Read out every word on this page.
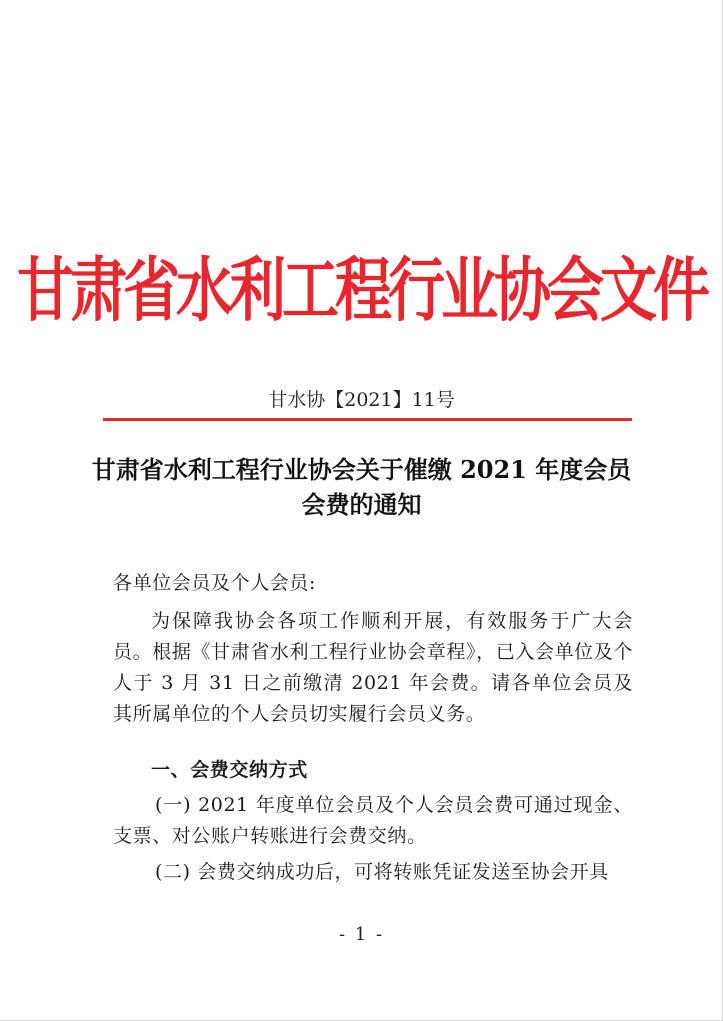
甘肃省水利工程行业协会文件
甘水协【2021】11号
甘肃省水利工程行业协会关于催缴 2021 年度会员会费的通知
各单位会员及个人会员:
为保障我协会各项工作顺利开展，有效服务于广大会员。根据《甘肃省水利工程行业协会章程》，已入会单位及个人于 3 月 31 日之前缴清 2021 年会费。请各单位会员及其所属单位的个人会员切实履行会员义务。
一、会费交纳方式
(一) 2021 年度单位会员及个人会员会费可通过现金、支票、对公账户转账进行会费交纳。
(二) 会费交纳成功后，可将转账凭证发送至协会开具
- 1 -
